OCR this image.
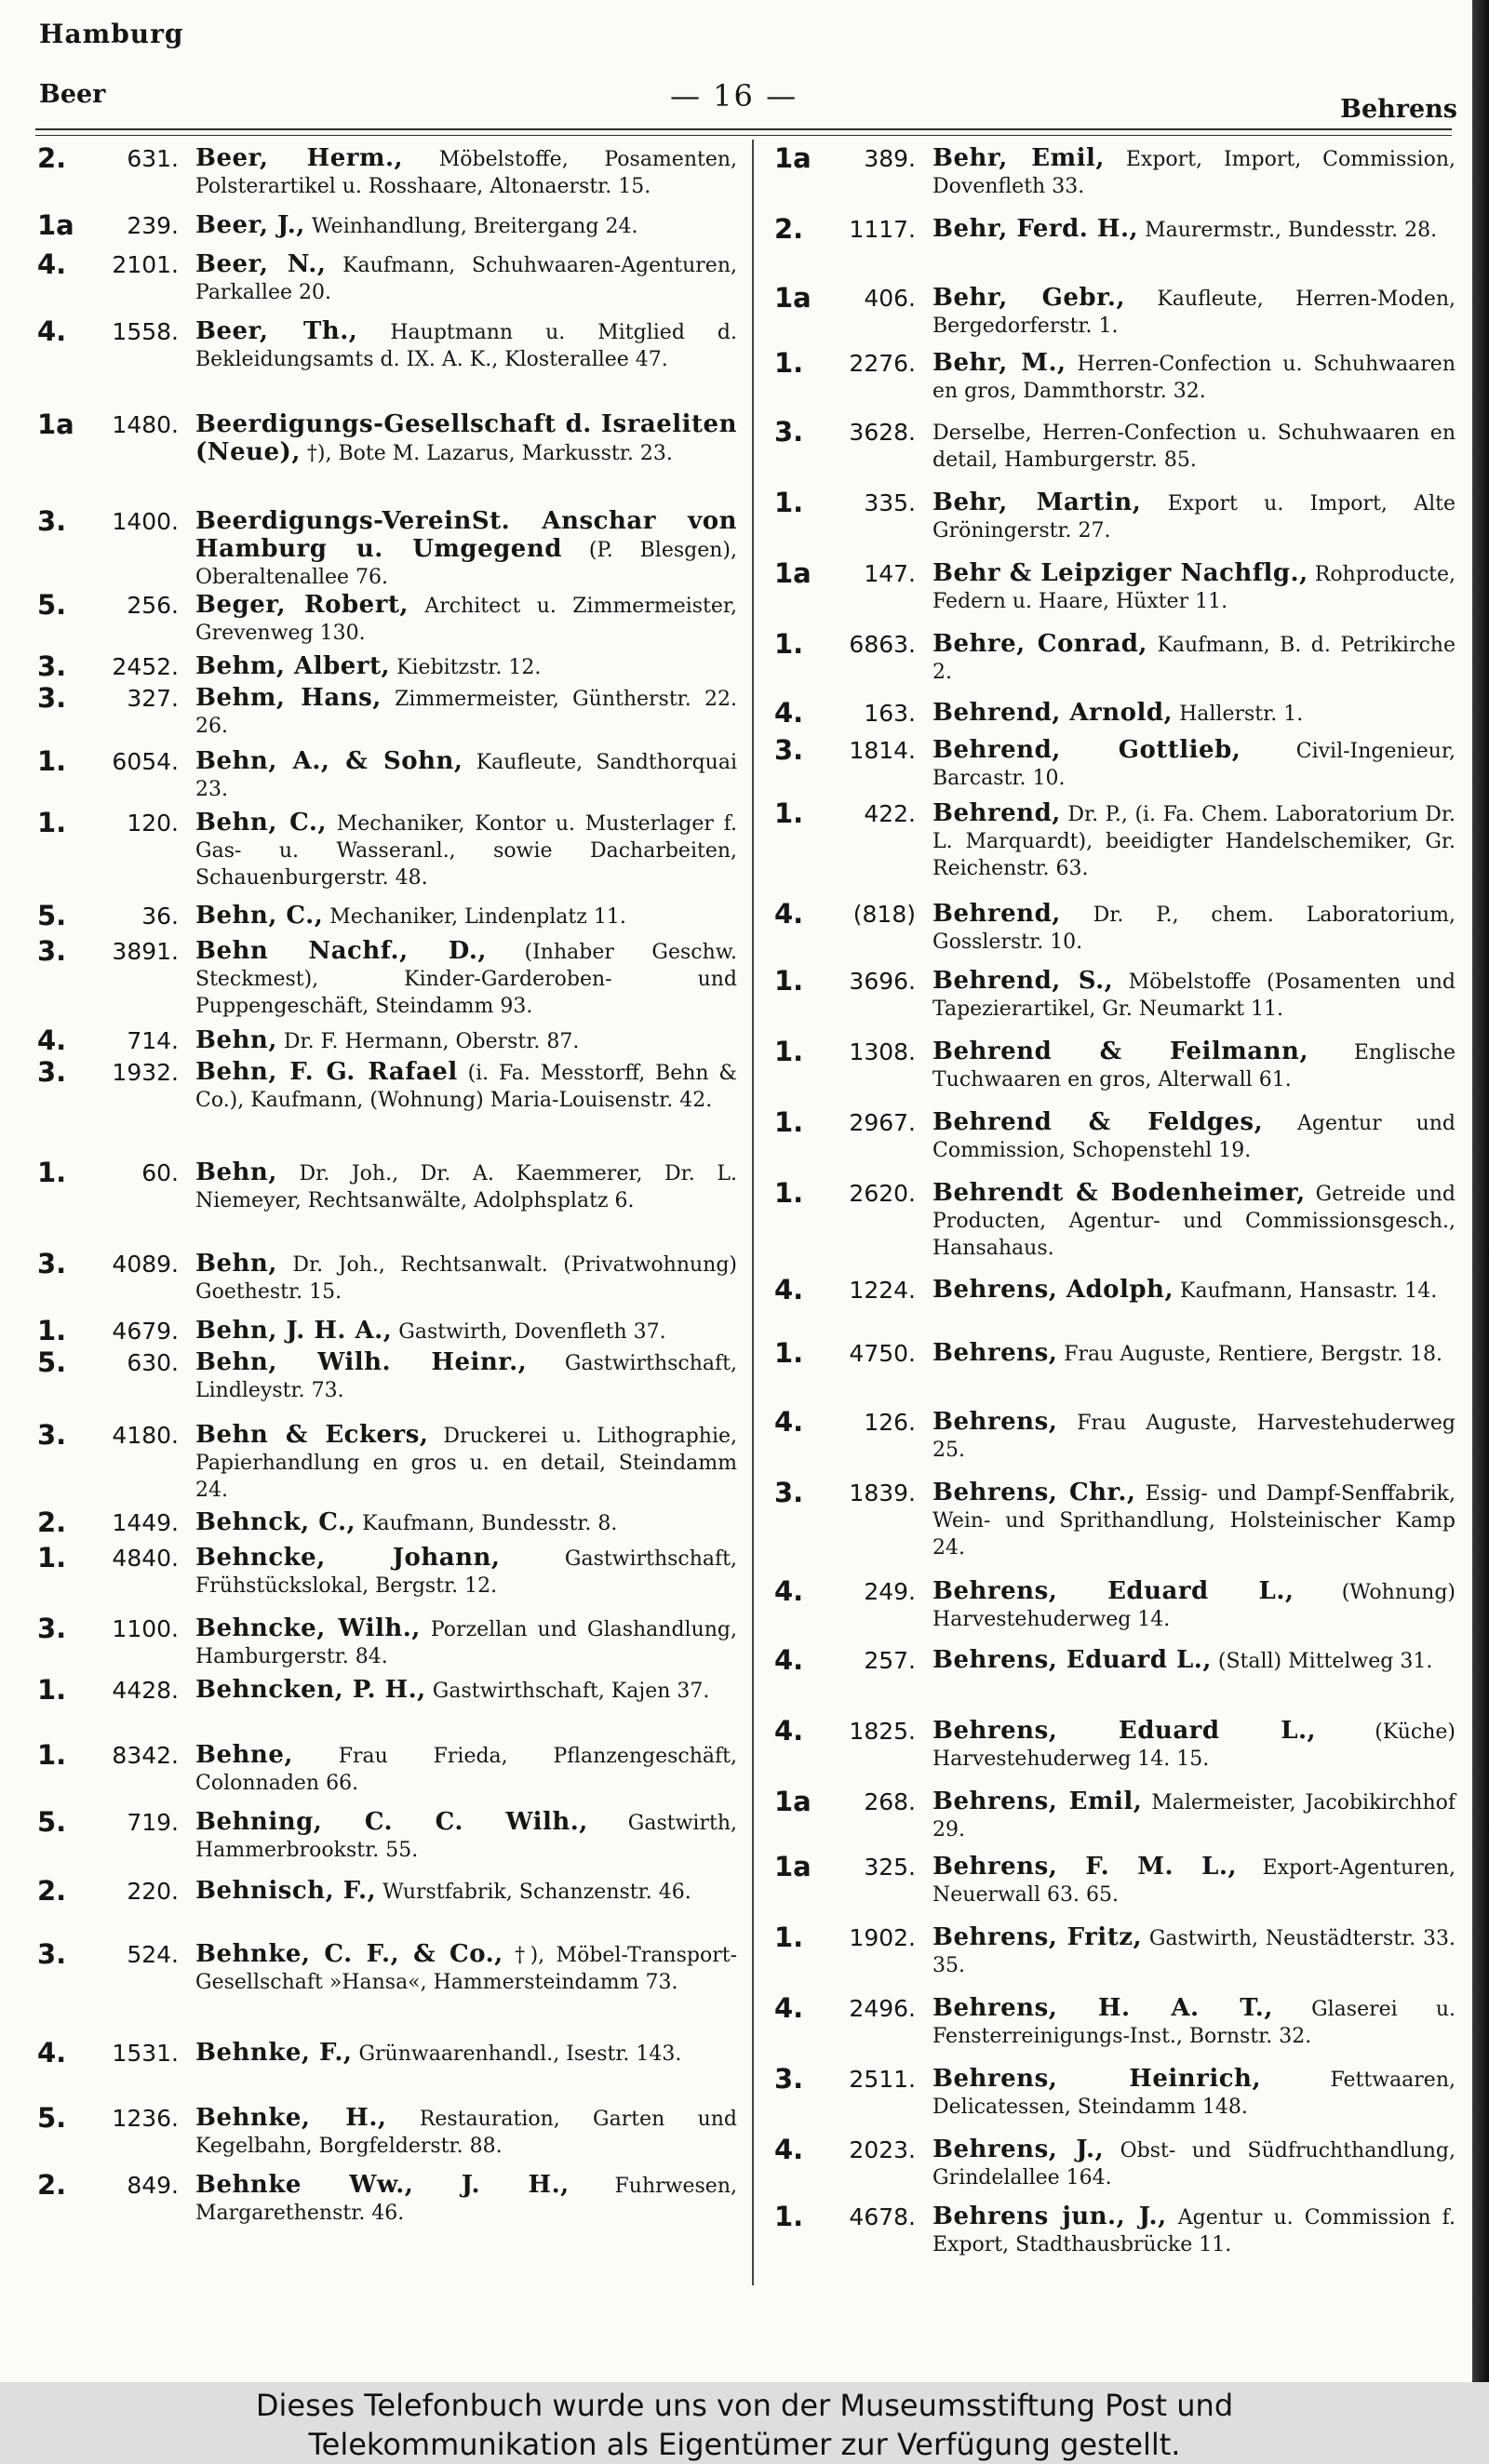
Hamburg
Beer	— 16 —	Behrens
2.	631. Beer, Herm., Möbelstoffe, Posamenten, Polsterartikel u. Rosshaare, Altonaerstr. 15.
1a	239. Beer, J., Weinhandlung, Breitergang 24.
4.	2101. Beer, N., Kaufmann, Schuhwaaren-Agenturen, Parkallee 20.
4.	1558. Beer, Th., Hauptmann u. Mitglied d. Bekleidungsamts d. IX. A. K., Klosterallee 47.
1a	1480. Beerdigungs-Gesellschaft d. Israeliten (Neue), †), Bote M. Lazarus, Markusstr. 23.
3.	1400. Beerdigungs-VereinSt. Anschar von Hamburg u. Umgegend (P. Blesgen), Oberaltenallee 76.
5.	256. Beger, Robert, Architect u. Zimmermeister, Grevenweg 130.
3.	2452. Behm, Albert, Kiebitzstr. 12.
3.	327. Behm, Hans, Zimmermeister, Güntherstr. 22. 26.
1.	6054. Behn, A., & Sohn, Kaufleute, Sandthorquai 23.
1.	120. Behn, C., Mechaniker, Kontor u. Musterlager f. Gas- u. Wasseranl., sowie Dacharbeiten, Schauenburgerstr. 48.
5.	36. Behn, C., Mechaniker, Lindenplatz 11.
3.	3891. Behn Nachf., D., (Inhaber Geschw. Steckmest), Kinder-Garderoben- und Puppengeschäft, Steindamm 93.
4.	714. Behn, Dr. F. Hermann, Oberstr. 87.
3.	1932. Behn, F. G. Rafael (i. Fa. Messtorff, Behn & Co.), Kaufmann, (Wohnung) Maria-Louisenstr. 42.
1.	60. Behn, Dr. Joh., Dr. A. Kaemmerer, Dr. L. Niemeyer, Rechtsanwälte, Adolphsplatz 6.
3.	4089. Behn, Dr. Joh., Rechtsanwalt. (Privatwohnung) Goethestr. 15.
1.	4679. Behn, J. H. A., Gastwirth, Dovenfleth 37.
5.	630. Behn, Wilh. Heinr., Gastwirthschaft, Lindleystr. 73.
3.	4180. Behn & Eckers, Druckerei u. Lithographie, Papierhandlung en gros u. en detail, Steindamm 24.
2.	1449. Behnck, C., Kaufmann, Bundesstr. 8.
1.	4840. Behncke, Johann,	Gastwirthschaft, Frühstückslokal, Bergstr. 12.
3.	1100. Behncke, Wilh., Porzellan und Glashandlung, Hamburgerstr. 84.
1.	4428. Behncken, P. H., Gastwirthschaft, Kajen 37.
1.	8342. Behne, Frau Frieda, Pflanzengeschäft, Colonnaden 66.
5.	719. Behning, C. C. Wilh., Gastwirth, Hammerbrookstr. 55.
2.	220. Behnisch, F., Wurstfabrik, Schanzenstr. 46.
3.	524. Behnke, C. F., & Co., †), Möbel-Transport-Gesellschaft »Hansa«, Hammersteindamm 73.
4.	1531. Behnke, F., Grünwaarenhandl., Isestr. 143.
5.	1236. Behnke, H., Restauration, Garten und Kegelbahn, Borgfelderstr. 88.
2.	849. Behnke Ww., J. H., Fuhrwesen, Margarethenstr. 46.
1a	389. Behr, Emil, Export, Import, Commission, Dovenfleth 33.
2.	1117. Behr, Ferd. H., Maurermstr., Bundesstr. 28.
1a	406. Behr, Gebr., Kaufleute, Herren-Moden, Bergedorferstr. 1.
1.	2276. Behr, M., Herren-Confection u. Schuhwaaren en gros, Dammthorstr. 32.
3.	3628. Derselbe, Herren-Confection u. Schuhwaaren en detail, Hamburgerstr. 85.
1.	335. Behr, Martin, Export u. Import, Alte Gröningerstr. 27.
1a	147. Behr & Leipziger Nachflg., Rohproducte, Federn u. Haare, Hüxter 11.
1.	6863. Behre, Conrad, Kaufmann, B. d. Petrikirche 2.
4.	163. Behrend, Arnold, Hallerstr. 1.
3.	1814. Behrend, Gottlieb,	Civil-Ingenieur, Barcastr. 10.
1.	422. Behrend, Dr. P., (i. Fa. Chem. Laboratorium Dr. L. Marquardt), beeidigter Handelschemiker, Gr. Reichenstr. 63.
4.	(818) Behrend, Dr. P., chem. Laboratorium, Gosslerstr. 10.
1.	3696. Behrend, S., Möbelstoffe (Posamenten und Tapezierartikel, Gr. Neumarkt 11.
1.	1308. Behrend & Feilmann, Englische Tuchwaaren en gros, Alterwall 61.
1.	2967. Behrend & Feldges, Agentur und Commission, Schopenstehl 19.
1.	2620. Behrendt & Bodenheimer, Getreide und Producten, Agentur- und Commissionsgesch., Hansahaus.
4.	1224. Behrens, Adolph, Kaufmann, Hansastr. 14.
1.	4750. Behrens, Frau Auguste, Rentiere, Bergstr. 18.
4.	126. Behrens, Frau Auguste, Harvestehuderweg 25.
3.	1839. Behrens, Chr., Essig- und Dampf-Senffabrik, Wein- und Sprithandlung, Holsteinischer Kamp 24.
4.	249. Behrens, Eduard L., (Wohnung) Harvestehuderweg 14.
4.	257. Behrens, Eduard L., (Stall) Mittelweg 31.
4.	1825. Behrens, Eduard L.,	(Küche) Harvestehuderweg 14. 15.
1a	268. Behrens, Emil, Malermeister, Jacobikirchhof 29.
1a	325. Behrens, F. M. L., Export-Agenturen, Neuerwall 63. 65.
1.	1902. Behrens, Fritz, Gastwirth, Neustädterstr. 33. 35.
4.	2496. Behrens, H. A. T., Glaserei u. Fensterreinigungs-Inst., Bornstr. 32.
3.	2511. Behrens, Heinrich,	Fettwaaren, Delicatessen, Steindamm 148.
4.	2023. Behrens, J., Obst- und Südfruchthandlung, Grindelallee 164.
1.	4678. Behrens jun., J., Agentur u. Commission f. Export, Stadthausbrücke 11.
Dieses Telefonbuch wurde uns von der Museumsstiftung Post und
Telekommunikation als Eigentümer zur Verfügung gestellt.
